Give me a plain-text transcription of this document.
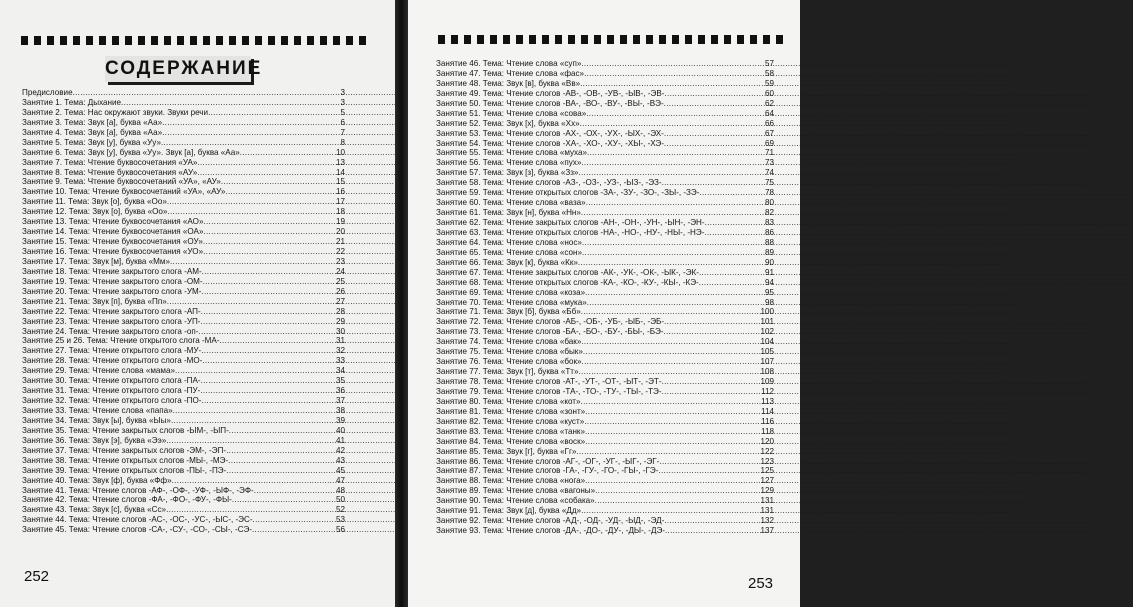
СОДЕРЖАНИЕ
Предисловие .....	3
Занятие 1. Тема: Дыхание .....	3
Занятие 2. Тема: Нас окружают звуки. Звуки речи .....	5
Занятие 3. Тема: Звук [а], буква «Аа» .....	6
Занятие 4. Тема: Звук [а], буква «Аа» .....	7
Занятие 5. Тема: Звук [у], буква «Уу» .....	8
Занятие 6. Тема: Звук [у], буква «Уу». Звук [а], буква «Аа» .....	10
Занятие 7. Тема: Чтение буквосочетания «УА» .....	13
Занятие 8. Тема: Чтение буквосочетания «АУ» .....	14
Занятие 9. Тема: Чтение буквосочетаний «УА», «АУ» .....	15
Занятие 10. Тема: Чтение буквосочетаний «УА», «АУ» .....	16
Занятие 11. Тема: Звук [о], буква «Оо» .....	17
Занятие 12. Тема: Звук [о], буква «Оо» .....	18
Занятие 13. Тема: Чтение буквосочетания «АО» .....	19
Занятие 14. Тема: Чтение буквосочетания «ОА» .....	20
Занятие 15. Тема: Чтение буквосочетания «ОУ» .....	21
Занятие 16. Тема: Чтение буквосочетания «УО» .....	22
Занятие 17. Тема: Звук [м], буква «Мм» .....	23
Занятие 18. Тема: Чтение закрытого слога -АМ- .....	24
Занятие 19. Тема: Чтение закрытого слога -ОМ- .....	25
Занятие 20. Тема: Чтение закрытого слога -УМ- .....	26
Занятие 21. Тема: Звук [п], буква «Пп» .....	27
Занятие 22. Тема: Чтение закрытого слога -АП- .....	28
Занятие 23. Тема: Чтение закрытого слога -УП- .....	29
Занятие 24. Тема: Чтение закрытого слога -оп- .....	30
Занятие 25 и 26. Тема: Чтение открытого слога -МА- .....	31
Занятие 27. Тема: Чтение открытого слога -МУ- .....	32
Занятие 28. Тема: Чтение открытого слога -МО- .....	33
Занятие 29. Тема: Чтение слова «мама» .....	34
Занятие 30. Тема: Чтение открытого слога -ПА- .....	35
Занятие 31. Тема: Чтение открытого слога -ПУ- .....	36
Занятие 32. Тема: Чтение открытого слога -ПО- .....	37
Занятие 33. Тема: Чтение слова «папа» .....	38
Занятие 34. Тема: Звук [ы], буква «Ыы» .....	39
Занятие 35. Тема: Чтение закрытых слогов -ЫМ-, -ЫП- .....	40
Занятие 36. Тема: Звук [э], буква «Ээ» .....	41
Занятие 37. Тема: Чтение закрытых слогов -ЭМ-, -ЭП- .....	42
Занятие 38. Тема: Чтение открытых слогов -МЫ-, -МЭ- .....	43
Занятие 39. Тема: Чтение открытых слогов -ПЫ-, -ПЭ- .....	45
Занятие 40. Тема: Звук [ф], буква «Фф» .....	47
Занятие 41. Тема: Чтение слогов -АФ-, -ОФ-, -УФ-, -ЫФ-, -ЭФ- .....	48
Занятие 42. Тема: Чтение слогов -ФА-, -ФО-, -ФУ-, -ФЫ- .....	50
Занятие 43. Тема: Звук [с], буква «Сс» .....	52
Занятие 44. Тема: Чтение слогов -АС-, -ОС-, -УС-, -ЫС-, -ЭС- .....	53
Занятие 45. Тема: Чтение слогов -СА-, -СУ-, -СО-, -СЫ-, -СЭ- .....	56
252
Занятие 46. Тема: Чтение слова «суп» .....	57
Занятие 47. Тема: Чтение слова «фас» .....	58
Занятие 48. Тема: Звук [в], буква «Вв» .....	59
Занятие 49. Тема: Чтение слогов -АВ-, -ОВ-, -УВ-, -ЫВ-, -ЭВ- .....	60
Занятие 50. Тема: Чтение слогов -ВА-, -ВО-, -ВУ-, -ВЫ-, -ВЭ- .....	62
Занятие 51. Тема: Чтение слова «сова» .....	64
Занятие 52. Тема: Звук [х], буква «Хх» .....	66
Занятие 53. Тема: Чтение слогов -АХ-, -ОХ-, -УХ-, -ЫХ-, -ЭХ- .....	67
Занятие 54. Тема: Чтение слогов -ХА-, -ХО-, -ХУ-, -ХЫ-, -ХЭ- .....	69
Занятие 55. Тема: Чтение слова «муха» .....	71
Занятие 56. Тема: Чтение слова «пух» .....	73
Занятие 57. Тема: Звук [з], буква «Зз» .....	74
Занятие 58. Тема: Чтение слогов -АЗ-, -ОЗ-, -УЗ-, -ЫЗ-, -ЭЗ- .....	75
Занятие 59. Тема: Чтение открытых слогов -ЗА-, -ЗУ-, -ЗО-, -ЗЫ-, -ЗЭ- .....	78
Занятие 60. Тема: Чтение слова «ваза» .....	80
Занятие 61. Тема: Звук [н], буква «Нн» .....	82
Занятие 62. Тема: Чтение закрытых слогов -АН-, -ОН-, -УН-, -ЫН-, -ЭН- .....	83
Занятие 63. Тема: Чтение открытых слогов -НА-, -НО-, -НУ-, -НЫ-, -НЭ- .....	86
Занятие 64. Тема: Чтение слова «нос» .....	88
Занятие 65. Тема: Чтение слова «сон» .....	89
Занятие 66. Тема: Звук [к], буква «Кк» .....	90
Занятие 67. Тема: Чтение закрытых слогов -АК-, -УК-, -ОК-, -ЫК-, -ЭК- .....	91
Занятие 68. Тема: Чтение открытых слогов -КА-, -КО-, -КУ-, -КЫ-, -КЭ- .....	94
Занятие 69. Тема: Чтение слова «коза» .....	95
Занятие 70. Тема: Чтение слова «мука» .....	98
Занятие 71. Тема: Звук [б], буква «Бб» .....	100
Занятие 72. Тема: Чтение слогов -АБ-, -ОБ-, -УБ-, -ЫБ-, -ЭБ- .....	101
Занятие 73. Тема: Чтение слогов -БА-, -БО-, -БУ-, -БЫ-, -БЭ- .....	102
Занятие 74. Тема: Чтение слова «бак» .....	104
Занятие 75. Тема: Чтение слова «бык» .....	105
Занятие 76. Тема: Чтение слова «бок» .....	107
Занятие 77. Тема: Звук [т], буква «Тт» .....	108
Занятие 78. Тема: Чтение слогов -АТ-, -УТ-, -ОТ-, -ЫТ-, -ЭТ- .....	109
Занятие 79. Тема: Чтение слогов -ТА-, -ТО-, -ТУ-, -ТЫ-, -ТЭ- .....	112
Занятие 80. Тема: Чтение слова «кот» .....	113
Занятие 81. Тема: Чтение слова «зонт» .....	114
Занятие 82. Тема: Чтение слова «куст» .....	116
Занятие 83. Тема: Чтение слова «танк» .....	118
Занятие 84. Тема: Чтение слова «воск» .....	120
Занятие 85. Тема: Звук [г], буква «Гг» .....	122
Занятие 86. Тема: Чтение слогов -АГ-, -ОГ-, -УГ-, -ЫГ-, -ЭГ- .....	123
Занятие 87. Тема: Чтение слогов -ГА-, -ГУ-, -ГО-, -ГЫ-, -ГЭ- .....	125
Занятие 88. Тема: Чтение слова «нога» .....	127
Занятие 89. Тема: Чтение слова «вагоны» .....	129
Занятие 90. Тема: Чтение слова «собака» .....	131
Занятие 91. Тема: Звук [д], буква «Дд» .....	131
Занятие 92. Тема: Чтение слогов -АД-, -ОД-, -УД-, -ЫД-, -ЭД- .....	132
Занятие 93. Тема: Чтение слогов -ДА-, -ДО-, -ДУ-, -ДЫ-, -ДЭ- .....	137
253
